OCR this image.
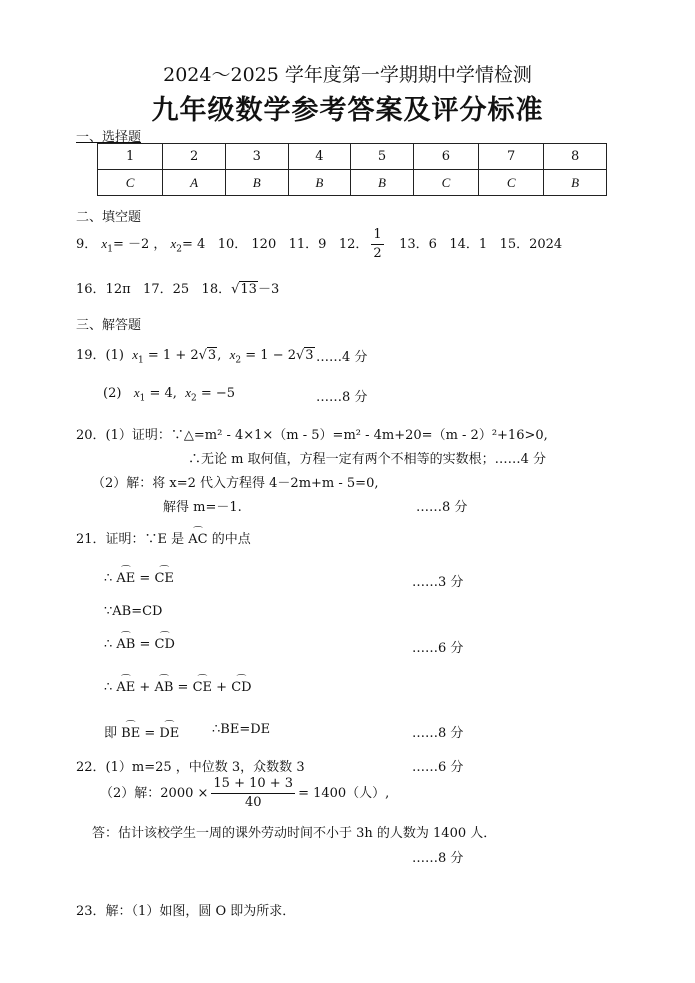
2024～2025 学年度第一学期期中学情检测
九年级数学参考答案及评分标准
一、选择题
1	2	3	4	5	6	7	8
C	A	B	B	B	C	C	B
二、填空题
9． $x_1= -2$ ， $x_2= 4$ 10． 120 11．9 12． $\frac{1}{2} 13$．6 14．1 15．2024
16．12π 17．25 18．√13－3
三、解答题
19．(1) $x_1 = 1 + 2√3$,  $x_2 = 1 - 2√3$ ……4 分
(2) $x_1 = 4$, $x_2 = -5$	……8 分
20．(1）证明：∵△=m² - 4×1×（m - 5）=m² - 4m+20=（m - 2）²+16>0,
∴无论 m 取何值，方程一定有两个不相等的实数根；……4 分
（2）解：将 x=2 代入方程得 4－2m+m - 5=0,
解得 m=－1.	……8 分
21．证明：∵E 是 ⌒ AC 的中点
∴ ⌒ AE = ⌒ CE	……3 分
∵AB=CD
∴ ⌒ AB = ⌒ CD	……6 分
∴ ⌒ AE + ⌒ AB = ⌒ CE + ⌒ CD
即 ⌒ BE = ⌒ DE	∴BE=DE	……8 分
22．(1）m=25 ，中位数 3，众数数 3	……6 分
（2）解：$2000 \times \frac{15 + 10 + 3}{40} = 1400$（人）,
答：估计该校学生一周的课外劳动时间不小于 3h 的人数为 1400 人．
……8 分
23．解：（1）如图，圆 O 即为所求．
